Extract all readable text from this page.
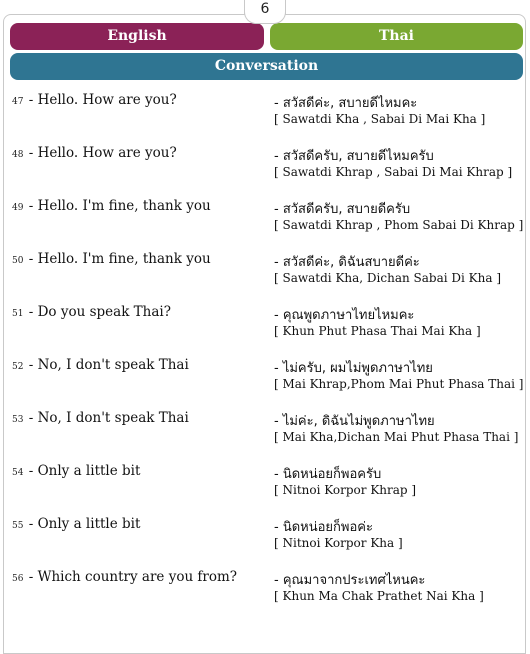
6
English	Thai
Conversation
47 - Hello. How are you?	- สวัสดีค่ะ, สบายดีไหมคะ
[ Sawatdi Kha , Sabai Di Mai Kha ]
48 - Hello. How are you?	- สวัสดีครับ, สบายดีไหมครับ
[ Sawatdi Khrap , Sabai Di Mai Khrap ]
49 - Hello. I'm fine, thank you	- สวัสดีครับ, สบายดีครับ
[ Sawatdi Khrap , Phom Sabai Di Khrap ]
50 - Hello. I'm fine, thank you	- สวัสดีค่ะ, ดิฉันสบายดีค่ะ
[ Sawatdi Kha, Dichan Sabai Di Kha ]
51 - Do you speak Thai?	- คุณพูดภาษาไทยไหมคะ
[ Khun Phut Phasa Thai Mai Kha ]
52 - No, I don't speak Thai	- ไม่ครับ, ผมไม่พูดภาษาไทย
[ Mai Khrap,Phom Mai Phut Phasa Thai ]
53 - No, I don't speak Thai	- ไม่ค่ะ, ดิฉันไม่พูดภาษาไทย
[ Mai Kha,Dichan Mai Phut Phasa Thai ]
54 - Only a little bit	- นิดหน่อยก็พอครับ
[ Nitnoi Korpor Khrap ]
55 - Only a little bit	- นิดหน่อยก็พอค่ะ
[ Nitnoi Korpor Kha ]
56 - Which country are you from?	- คุณมาจากประเทศไหนคะ
[ Khun Ma Chak Prathet Nai Kha ]
